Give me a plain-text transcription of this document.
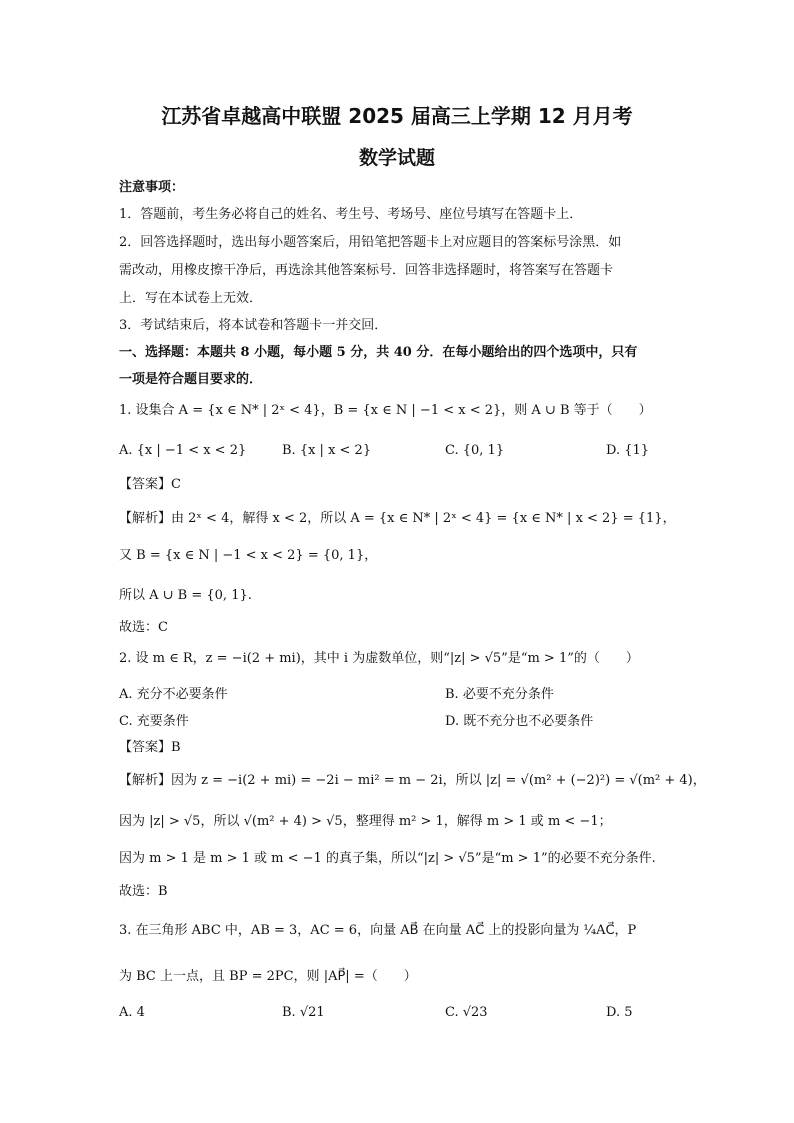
江苏省卓越高中联盟 2025 届高三上学期 12 月月考
数学试题
注意事项：
1．答题前，考生务必将自己的姓名、考生号、考场号、座位号填写在答题卡上．
2．回答选择题时，选出每小题答案后，用铅笔把答题卡上对应题目的答案标号涂黑．如
需改动，用橡皮擦干净后，再选涂其他答案标号．回答非选择题时，将答案写在答题卡
上．写在本试卷上无效．
3．考试结束后，将本试卷和答题卡一并交回．
一、选择题：本题共 8 小题，每小题 5 分，共 40 分．在每小题给出的四个选项中，只有
一项是符合题目要求的．
1. 设集合 A = {x ∈ N* | 2ˣ < 4}，B = {x ∈ N | −1 < x < 2}，则 A ∪ B 等于（　　）
A. {x | −1 < x < 2}	B. {x | x < 2}	C. {0, 1}	D. {1}
【答案】C
【解析】由 2ˣ < 4，解得 x < 2，所以 A = {x ∈ N* | 2ˣ < 4} = {x ∈ N* | x < 2} = {1}，
又 B = {x ∈ N | −1 < x < 2} = {0, 1}，
所以 A ∪ B = {0, 1}.
故选：C
2. 设 m ∈ R，z = −i(2 + mi)，其中 i 为虚数单位，则“|z| > √5”是“m > 1”的（　　）
A. 充分不必要条件	B. 必要不充分条件
C. 充要条件	D. 既不充分也不必要条件
【答案】B
【解析】因为 z = −i(2 + mi) = −2i − mi² = m − 2i，所以 |z| = √(m² + (−2)²) = √(m² + 4)，
因为 |z| > √5，所以 √(m² + 4) > √5，整理得 m² > 1，解得 m > 1 或 m < −1；
因为 m > 1 是 m > 1 或 m < −1 的真子集，所以“|z| > √5”是“m > 1”的必要不充分条件.
故选：B
3. 在三角形 ABC 中，AB = 3，AC = 6，向量 AB⃗ 在向量 AC⃗ 上的投影向量为 ¼AC⃗，P
为 BC 上一点，且 BP = 2PC，则 |AP⃗| =（　　）
A. 4	B. √21	C. √23	D. 5
